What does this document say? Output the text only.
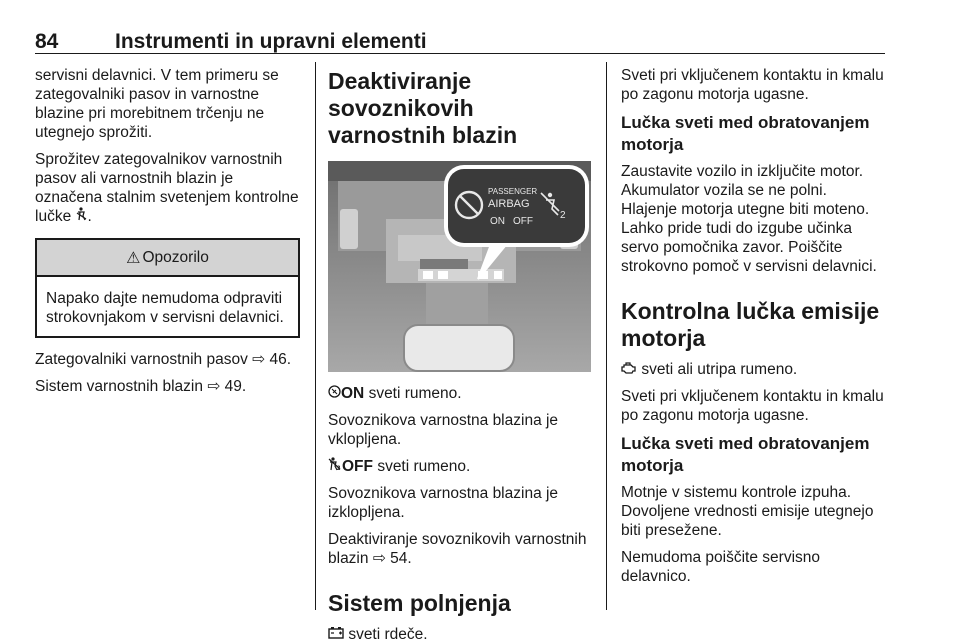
84	Instrumenti in upravni elementi

servisni delavnici. V tem primeru se zategovalniki pasov in varnostne blazine pri morebitnem trčenju ne utegnejo sprožiti.

Sprožitev zategovalnikov varnostnih pasov ali varnostnih blazin je označena stalnim svetenjem kontrolne lučke .

⚠ Opozorilo

Napako dajte nemudoma odpraviti strokovnjakom v servisni delavnici.

Zategovalniki varnostnih pasov ⇨ 46.

Sistem varnostnih blazin ⇨ 49.

Deaktiviranje sovoznikovih varnostnih blazin
PASSENGER
AIRBAG
ON OFF
2

ON sveti rumeno.

Sovoznikova varnostna blazina je vklopljena.

2 OFF sveti rumeno.

Sovoznikova varnostna blazina je izklopljena.

Deaktiviranje sovoznikovih varnostnih blazin ⇨ 54.

Sistem polnjenja

sveti rdeče.

Sveti pri vključenem kontaktu in kmalu po zagonu motorja ugasne.

Lučka sveti med obratovanjem motorja

Zaustavite vozilo in izključite motor. Akumulator vozila se ne polni. Hlajenje motorja utegne biti moteno. Lahko pride tudi do izgube učinka servo pomočnika zavor. Poiščite strokovno pomoč v servisni delavnici.

Kontrolna lučka emisije motorja

sveti ali utripa rumeno.

Sveti pri vključenem kontaktu in kmalu po zagonu motorja ugasne.

Lučka sveti med obratovanjem motorja

Motnje v sistemu kontrole izpuha. Dovoljene vrednosti emisije utegnejo biti presežene.

Nemudoma poiščite servisno delavnico.
